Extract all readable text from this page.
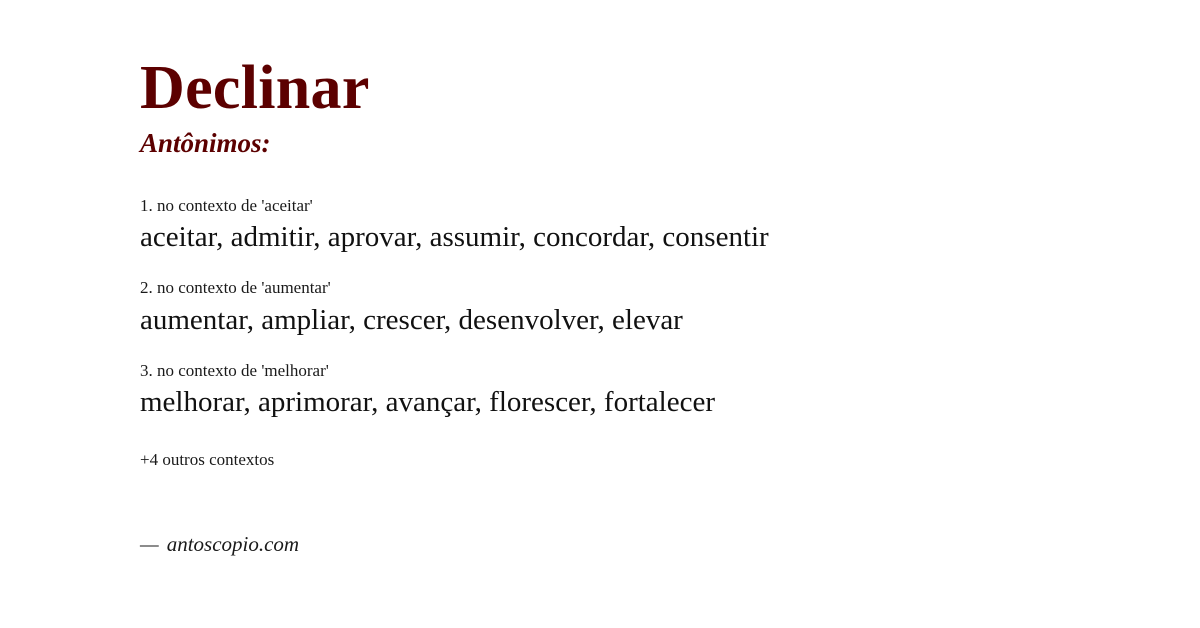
Declinar
Antônimos:
1. no contexto de 'aceitar'
aceitar, admitir, aprovar, assumir, concordar, consentir
2. no contexto de 'aumentar'
aumentar, ampliar, crescer, desenvolver, elevar
3. no contexto de 'melhorar'
melhorar, aprimorar, avançar, florescer, fortalecer
+4 outros contextos
— antoscopio.com
